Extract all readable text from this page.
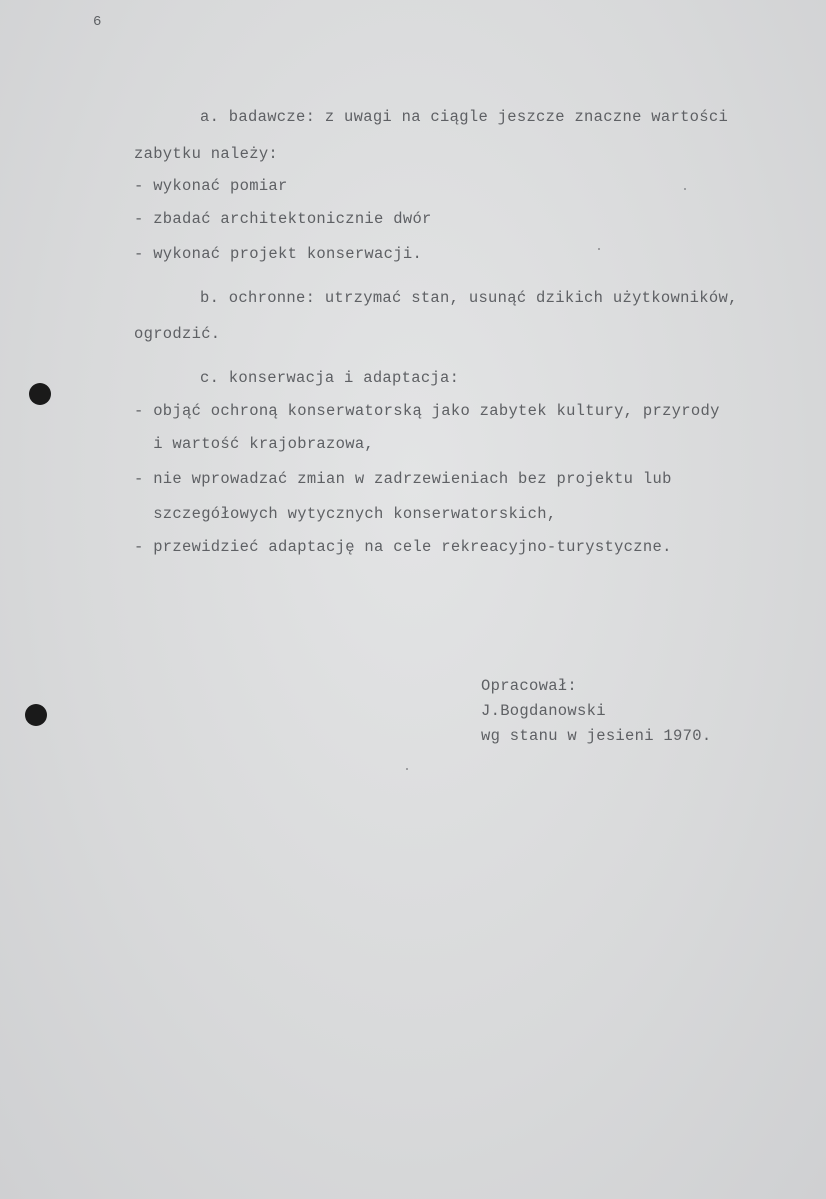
6
a. badawcze: z uwagi na ciągle jeszcze znaczne wartości
zabytku należy:
- wykonać pomiar
- zbadać architektonicznie dwór
- wykonać projekt konserwacji.
b. ochronne: utrzymać stan, usunąć dzikich użytkowników,
ogrodzić.
c. konserwacja i adaptacja:
- objąć ochroną konserwatorską jako zabytek kultury, przyrody
i wartość krajobrazowa,
- nie wprowadzać zmian w zadrzewieniach bez projektu lub
szczegółowych wytycznych konserwatorskich,
- przewidzieć adaptację na cele rekreacyjno-turystyczne.
Opracował:
J.Bogdanowski
wg stanu w jesieni 1970.
